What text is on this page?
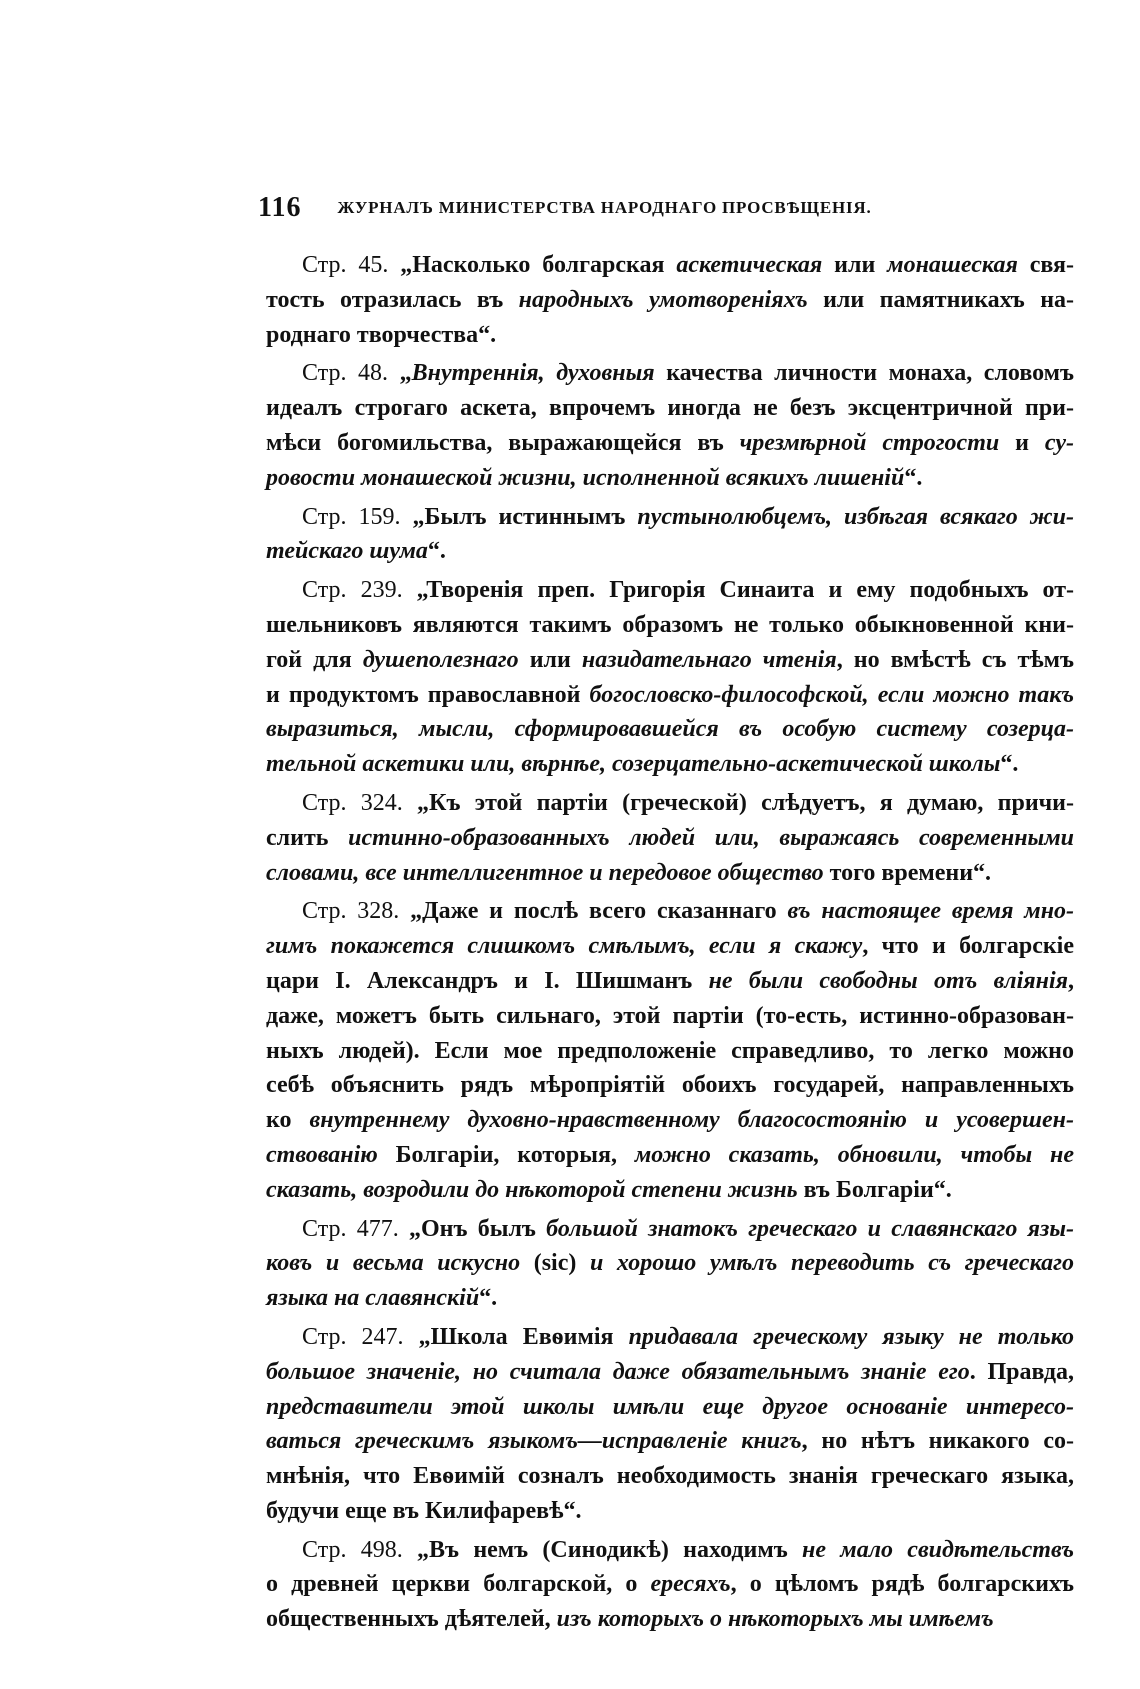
116 ЖУРНАЛЪ МИНИСТЕРСТВА НАРОДНАГО ПРОСВѢЩЕНІЯ.

Стр. 45. „Насколько болгарская аскетическая или монашеская свя-
тость отразилась въ народныхъ умотвореніяхъ или памятникахъ на-
роднаго творчества“.

Стр. 48. „Внутреннія, духовныя качества личности монаха, словомъ
идеалъ строгаго аскета, впрочемъ иногда не безъ эксцентричной при-
мѣси богомильства, выражающейся въ чрезмѣрной строгости и су-
ровости монашеской жизни, исполненной всякихъ лишеній“.

Стр. 159. „Былъ истиннымъ пустынолюбцемъ, избѣгая всякаго жи-
тейскаго шума“.

Стр. 239. „Творенія преп. Григорія Синаита и ему подобныхъ от-
шельниковъ являются такимъ образомъ не только обыкновенной кни-
гой для душеполезнаго или назидательнаго чтенія, но вмѣстѣ съ тѣмъ
и продуктомъ православной богословско-философской, если можно такъ
выразиться, мысли, сформировавшейся въ особую систему созерца-
тельной аскетики или, вѣрнѣе, созерцательно-аскетической школы“.

Стр. 324. „Къ этой партіи (греческой) слѣдуетъ, я думаю, причи-
слить истинно-образованныхъ людей или, выражаясь современными
словами, все интеллигентное и передовое общество того времени“.

Стр. 328. „Даже и послѣ всего сказаннаго въ настоящее время мно-
гимъ покажется слишкомъ смѣлымъ, если я скажу, что и болгарскіе
цари I. Александръ и I. Шишманъ не были свободны отъ вліянія,
даже, можетъ быть сильнаго, этой партіи (то-есть, истинно-образован-
ныхъ людей). Если мое предположеніе справедливо, то легко можно
себѣ объяснить рядъ мѣропріятій обоихъ государей, направленныхъ
ко внутреннему духовно-нравственному благосостоянію и усовершен-
ствованію Болгаріи, которыя, можно сказать, обновили, чтобы не
сказать, возродили до нѣкоторой степени жизнь въ Болгаріи“.

Стр. 477. „Онъ былъ большой знатокъ греческаго и славянскаго язы-
ковъ и весьма искусно (sic) и хорошо умѣлъ переводить съ греческаго
языка на славянскій“.

Стр. 247. „Школа Евѳимія придавала греческому языку не только
большое значеніе, но считала даже обязательнымъ знаніе его. Правда,
представители этой школы имѣли еще другое основаніе интересо-
ваться греческимъ языкомъ—исправленіе книгъ, но нѣтъ никакого со-
мнѣнія, что Евѳимій созналъ необходимость знанія греческаго языка,
будучи еще въ Килифаревѣ“.

Стр. 498. „Въ немъ (Синодикѣ) находимъ не мало свидѣтельствъ
о древней церкви болгарской, о ересяхъ, о цѣломъ рядѣ болгарскихъ
общественныхъ дѣятелей, изъ которыхъ о нѣкоторыхъ мы имѣемъ
